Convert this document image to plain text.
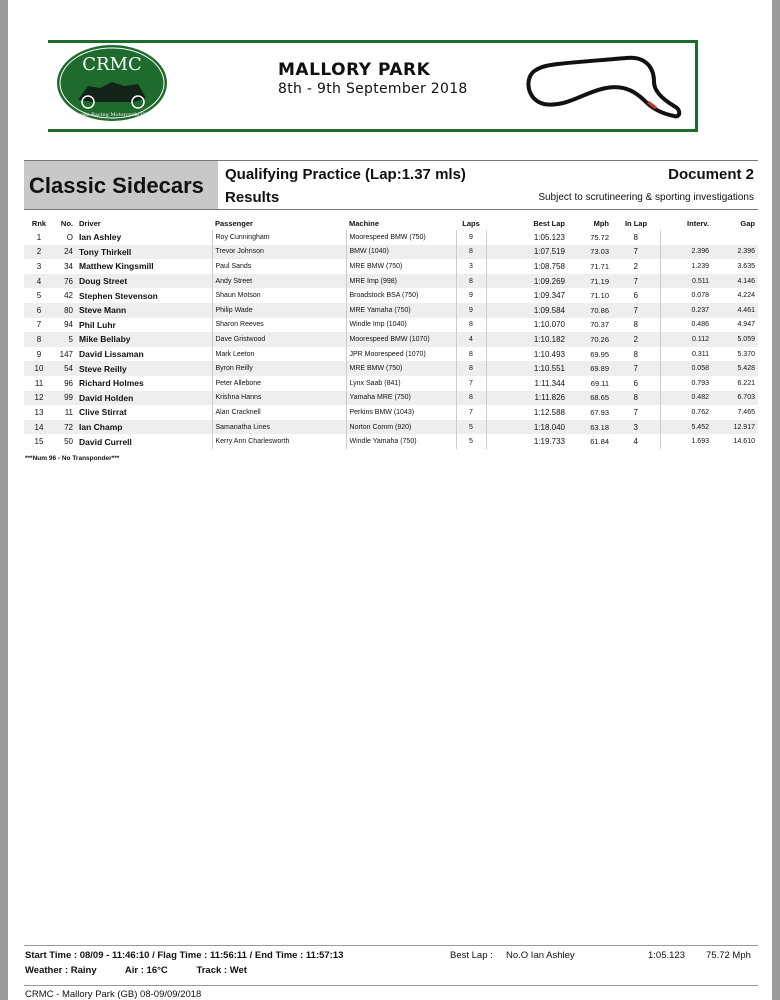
CRMC
Classic Racing Motorcycle Club
MALLORY PARK
8th - 9th September 2018
Classic Sidecars Qualifying Practice (Lap:1.37 mls)	Document 2
Results	Subject to scrutineering & sporting investigations
Rnk	No.	Driver	Passenger	Machine	Laps	Best Lap	Mph	In Lap	Interv.	Gap
1	O	Ian Ashley	Roy Cunningham	Moorespeed BMW (750)	9	1:05.123	75.72	8		
2	24	Tony Thirkell	Trevor Johnson	BMW (1040)	8	1:07.519	73.03	7	2.396	2.396
3	34	Matthew Kingsmill	Paul Sands	MRE BMW (750)	3	1:08.758	71.71	2	1.239	3.635
4	76	Doug Street	Andy Street	MRE Imp (998)	8	1:09.269	71.19	7	0.511	4.146
5	42	Stephen Stevenson	Shaun Motson	Broadstock BSA (750)	9	1:09.347	71.10	6	0.078	4.224
6	80	Steve Mann	Philip Wade	MRE Yamaha (750)	9	1:09.584	70.86	7	0.237	4.461
7	94	Phil Luhr	Sharon Reeves	Windle Imp (1040)	8	1:10.070	70.37	8	0.486	4.947
8	5	Mike Bellaby	Dave Gristwood	Moorespeed BMW (1070)	4	1:10.182	70.26	2	0.112	5.059
9	147	David Lissaman	Mark Leeton	JPR Moorespeed (1070)	8	1:10.493	69.95	8	0.311	5.370
10	54	Steve Reilly	Byron Reilly	MRE BMW (750)	8	1:10.551	69.89	7	0.058	5.428
11	96	Richard Holmes	Peter Allebone	Lynx Saab (841)	7	1:11.344	69.11	6	0.793	6.221
12	99	David Holden	Krishna Hanns	Yamaha MRE (750)	8	1:11.826	68.65	8	0.482	6.703
13	11	Clive Stirrat	Alan Cracknell	Perkins BMW (1043)	7	1:12.588	67.93	7	0.762	7.465
14	72	Ian Champ	Samanatha Lines	Norton Comm (920)	5	1:18.040	63.18	3	5.452	12.917
15	50	David Currell	Kerry Ann Charlesworth	Windle Yamaha (750)	5	1:19.733	61.84	4	1.693	14.610
***Num 96 - No Transponder***
Start Time : 08/09 - 11:46:10 / Flag Time : 11:56:11 / End Time : 11:57:13
Weather : Rainy	Air : 16°C	Track : Wet
Best Lap : No.O Ian Ashley	1:05.123 75.72 Mph
CRMC - Mallory Park (GB) 08-09/09/2018
